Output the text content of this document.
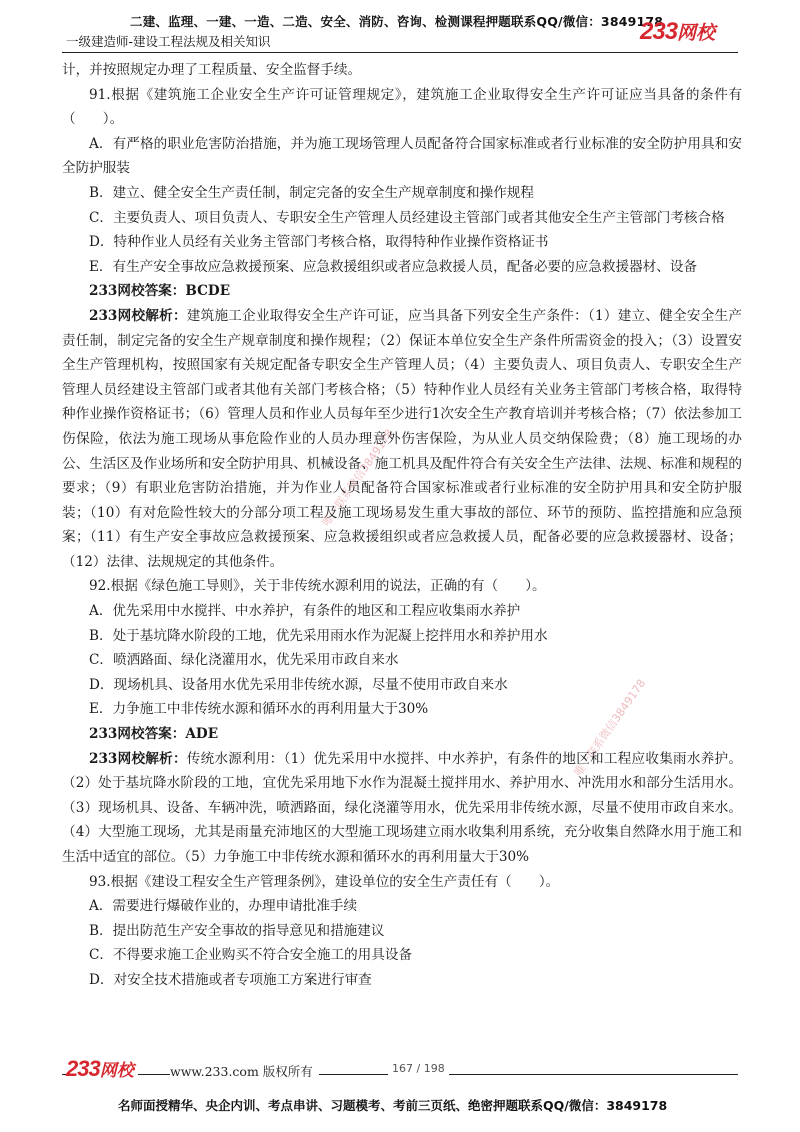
二建、监理、一建、一造、二造、安全、消防、咨询、检测课程押题联系QQ/微信：3849178
一级建造师-建设工程法规及相关知识	233网校
唯一联系微信3849178
唯一联系微信3849178

计，并按照规定办理了工程质量、安全监督手续。

91.根据《建筑施工企业安全生产许可证管理规定》，建筑施工企业取得安全生产许可证应当具备的条件有（　　）。

A．有严格的职业危害防治措施，并为施工现场管理人员配备符合国家标准或者行业标准的安全防护用具和安全防护服装

B．建立、健全安全生产责任制，制定完备的安全生产规章制度和操作规程

C．主要负责人、项目负责人、专职安全生产管理人员经建设主管部门或者其他安全生产主管部门考核合格

D．特种作业人员经有关业务主管部门考核合格，取得特种作业操作资格证书

E．有生产安全事故应急救援预案、应急救援组织或者应急救援人员，配备必要的应急救援器材、设备

233网校答案：BCDE

233网校解析：建筑施工企业取得安全生产许可证，应当具备下列安全生产条件：（1）建立、健全安全生产责任制，制定完备的安全生产规章制度和操作规程；（2）保证本单位安全生产条件所需资金的投入；（3）设置安全生产管理机构，按照国家有关规定配备专职安全生产管理人员；（4）主要负责人、项目负责人、专职安全生产管理人员经建设主管部门或者其他有关部门考核合格；（5）特种作业人员经有关业务主管部门考核合格，取得特种作业操作资格证书；（6）管理人员和作业人员每年至少进行1次安全生产教育培训并考核合格；（7）依法参加工伤保险，依法为施工现场从事危险作业的人员办理意外伤害保险，为从业人员交纳保险费；（8）施工现场的办公、生活区及作业场所和安全防护用具、机械设备、施工机具及配件符合有关安全生产法律、法规、标准和规程的要求；（9）有职业危害防治措施，并为作业人员配备符合国家标准或者行业标准的安全防护用具和安全防护服装；（10）有对危险性较大的分部分项工程及施工现场易发生重大事故的部位、环节的预防、监控措施和应急预案；（11）有生产安全事故应急救援预案、应急救援组织或者应急救援人员，配备必要的应急救援器材、设备；（12）法律、法规规定的其他条件。

92.根据《绿色施工导则》，关于非传统水源利用的说法，正确的有（　　）。

A．优先采用中水搅拌、中水养护，有条件的地区和工程应收集雨水养护

B．处于基坑降水阶段的工地，优先采用雨水作为泥凝上挖拌用水和养护用水

C．喷洒路面、绿化浇灌用水，优先采用市政自来水

D．现场机具、设备用水优先采用非传统水源，尽量不使用市政自来水

E．力争施工中非传统水源和循环水的再利用量大于30%

233网校答案：ADE

233网校解析：传统水源利用：（1）优先采用中水搅拌、中水养护，有条件的地区和工程应收集雨水养护。（2）处于基坑降水阶段的工地，宜优先采用地下水作为混凝土搅拌用水、养护用水、冲洗用水和部分生活用水。（3）现场机具、设备、车辆冲洗，喷洒路面，绿化浇灌等用水，优先采用非传统水源，尽量不使用市政自来水。（4）大型施工现场，尤其是雨量充沛地区的大型施工现场建立雨水收集利用系统，充分收集自然降水用于施工和生活中适宜的部位。（5）力争施工中非传统水源和循环水的再利用量大于30%

93.根据《建设工程安全生产管理条例》，建设单位的安全生产责任有（　　）。

A．需要进行爆破作业的，办理申请批准手续

B．提出防范生产安全事故的指导意见和措施建议

C．不得要求施工企业购买不符合安全施工的用具设备

D．对安全技术措施或者专项施工方案进行审查

233网校	www.233.com 版权所有	167 / 198
名师面授精华、央企内训、考点串讲、习题模考、考前三页纸、绝密押题联系QQ/微信：3849178
